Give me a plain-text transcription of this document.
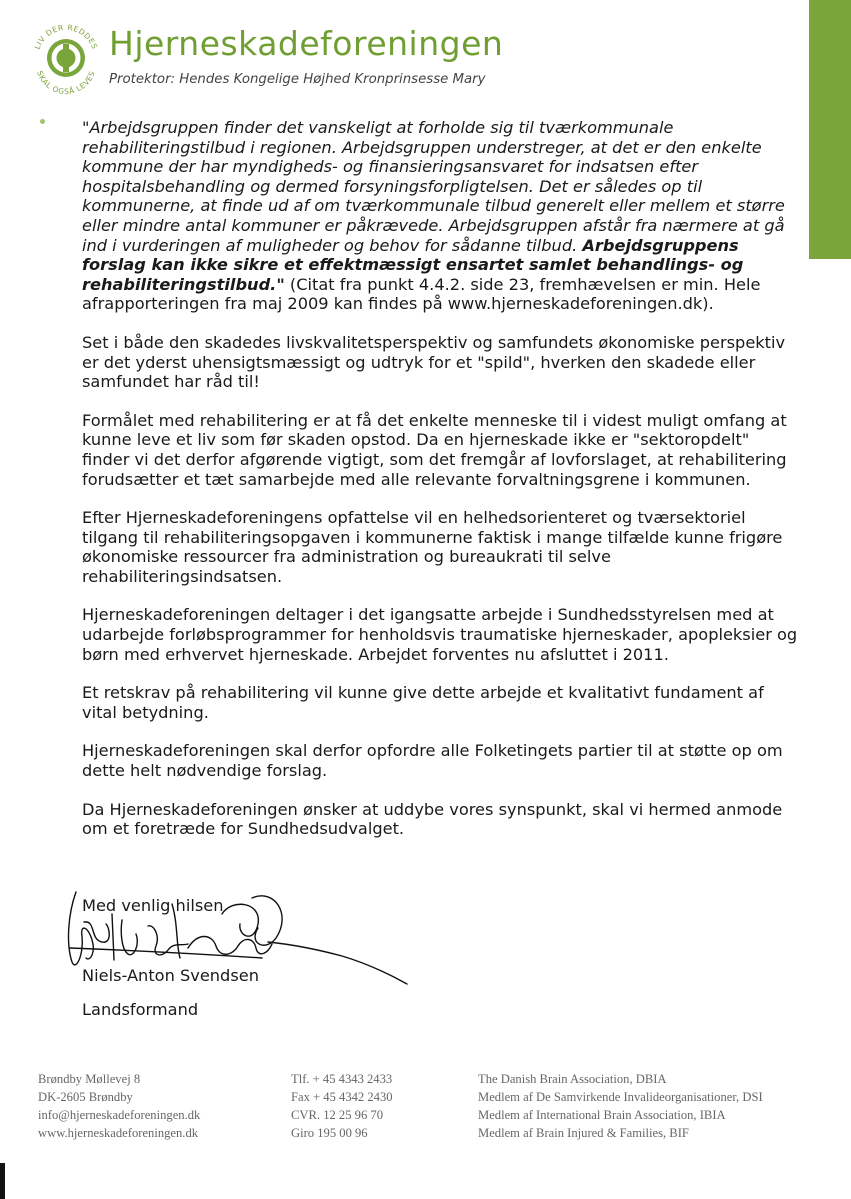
LIV DER REDDES
SKAL OGSÅ LEVES
Hjerneskadeforeningen
Protektor: Hendes Kongelige Højhed Kronprinsesse Mary

"Arbejdsgruppen finder det vanskeligt at forholde sig til tværkommunale rehabiliteringstilbud i regionen. Arbejdsgruppen understreger, at det er den enkelte kommune der har myndigheds- og finansieringsansvaret for indsatsen efter hospitalsbehandling og dermed forsyningsforpligtelsen. Det er således op til kommunerne, at finde ud af om tværkommunale tilbud generelt eller mellem et større eller mindre antal kommuner er påkrævede. Arbejdsgruppen afstår fra nærmere at gå ind i vurderingen af muligheder og behov for sådanne tilbud. Arbejdsgruppens forslag kan ikke sikre et effektmæssigt ensartet samlet behandlings- og rehabiliteringstilbud." (Citat fra punkt 4.4.2. side 23, fremhævelsen er min. Hele afrapporteringen fra maj 2009 kan findes på www.hjerneskadeforeningen.dk).

Set i både den skadedes livskvalitetsperspektiv og samfundets økonomiske perspektiv er det yderst uhensigtsmæssigt og udtryk for et "spild", hverken den skadede eller samfundet har råd til!

Formålet med rehabilitering er at få det enkelte menneske til i videst muligt omfang at kunne leve et liv som før skaden opstod. Da en hjerneskade ikke er "sektoropdelt" finder vi det derfor afgørende vigtigt, som det fremgår af lovforslaget, at rehabilitering forudsætter et tæt samarbejde med alle relevante forvaltningsgrene i kommunen.

Efter Hjerneskadeforeningens opfattelse vil en helhedsorienteret og tværsektoriel tilgang til rehabiliteringsopgaven i kommunerne faktisk i mange tilfælde kunne frigøre økonomiske ressourcer fra administration og bureaukrati til selve rehabiliteringsindsatsen.

Hjerneskadeforeningen deltager i det igangsatte arbejde i Sundhedsstyrelsen med at udarbejde forløbsprogrammer for henholdsvis traumatiske hjerneskader, apopleksier og børn med erhvervet hjerneskade. Arbejdet forventes nu afsluttet i 2011.

Et retskrav på rehabilitering vil kunne give dette arbejde et kvalitativt fundament af vital betydning.

Hjerneskadeforeningen skal derfor opfordre alle Folketingets partier til at støtte op om dette helt nødvendige forslag.

Da Hjerneskadeforeningen ønsker at uddybe vores synspunkt, skal vi hermed anmode om et foretræde for Sundhedsudvalget.

Med venlig hilsen
Niels-Anton Svendsen
Landsformand
Brøndby Møllevej 8
DK-2605 Brøndby
info@hjerneskadeforeningen.dk
www.hjerneskadeforeningen.dk
Tlf. + 45 4343 2433
Fax + 45 4342 2430
CVR. 12 25 96 70
Giro 195 00 96
The Danish Brain Association, DBIA
Medlem af De Samvirkende Invalideorganisationer, DSI
Medlem af International Brain Association, IBIA
Medlem af Brain Injured & Families, BIF
